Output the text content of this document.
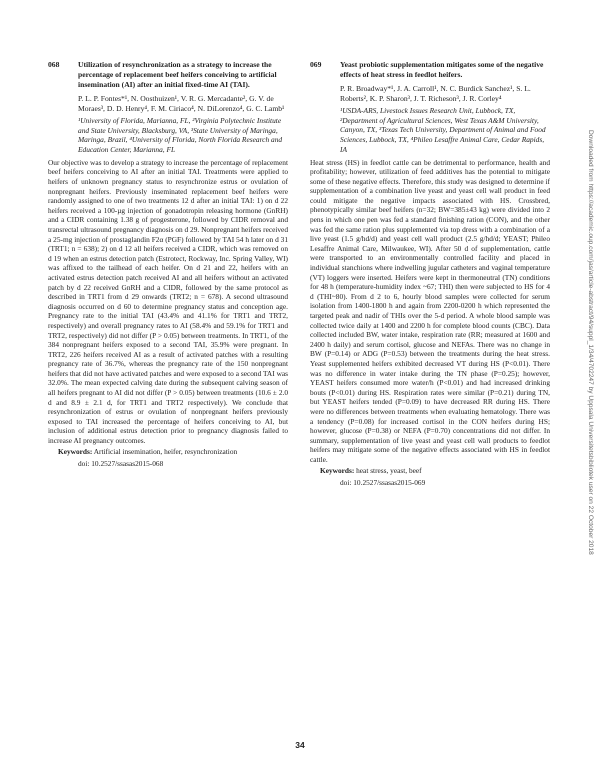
068	Utilization of resynchronization as a strategy to increase the percentage of replacement beef heifers conceiving to artificial insemination (AI) after an initial fixed-time AI (TAI).
P. L. P. Fontes*¹, N. Oosthuizen¹, V. R. G. Mercadante², G. V. de Moraes³, D. D. Henry⁴, F. M. Ciriaco⁴, N. DiLorenzo⁴, G. C. Lamb¹
¹University of Florida, Marianna, FL, ²Virginia Polytechnic Institute and State University, Blacksburg, VA, ³State University of Maringa, Maringa, Brazil, ⁴University of Florida, North Florida Research and Education Center, Marianna, FL

Our objective was to develop a strategy to increase the percentage of replacement beef heifers conceiving to AI after an initial TAI. Treatments were applied to heifers of unknown pregnancy status to resynchronize estrus or ovulation of nonpregnant heifers. Previously inseminated replacement beef heifers were randomly assigned to one of two treatments 12 d after an initial TAI: 1) on d 22 heifers received a 100-µg injection of gonadotropin releasing hormone (GnRH) and a CIDR containing 1.38 g of progesterone, followed by CIDR removal and transrectal ultrasound pregnancy diagnosis on d 29. Nonpregnant heifers received a 25-mg injection of prostaglandin F2α (PGF) followed by TAI 54 h later on d 31 (TRT1; n = 638); 2) on d 12 all heifers received a CIDR, which was removed on d 19 when an estrus detection patch (Estrotect, Rockway, Inc. Spring Valley, WI) was affixed to the tailhead of each heifer. On d 21 and 22, heifers with an activated estrus detection patch received AI and all heifers without an activated patch by d 22 received GnRH and a CIDR, followed by the same protocol as described in TRT1 from d 29 onwards (TRT2; n = 678). A second ultrasound diagnosis occurred on d 60 to determine pregnancy status and conception age. Pregnancy rate to the initial TAI (43.4% and 41.1% for TRT1 and TRT2, respectively) and overall pregnancy rates to AI (58.4% and 59.1% for TRT1 and TRT2, respectively) did not differ (P > 0.05) between treatments. In TRT1, of the 384 nonpregnant heifers exposed to a second TAI, 35.9% were pregnant. In TRT2, 226 heifers received AI as a result of activated patches with a resulting pregnancy rate of 36.7%, whereas the pregnancy rate of the 150 nonpregnant heifers that did not have activated patches and were exposed to a second TAI was 32.0%. The mean expected calving date during the subsequent calving season of all heifers pregnant to AI did not differ (P > 0.05) between treatments (10.6 ± 2.0 d and 8.9 ± 2.1 d, for TRT1 and TRT2 respectively). We conclude that resynchronization of estrus or ovulation of nonpregnant heifers previously exposed to TAI increased the percentage of heifers conceiving to AI, but inclusion of additional estrus detection prior to pregnancy diagnosis failed to increase AI pregnancy outcomes.

Keywords: Artificial insemination, heifer, resynchronization
doi: 10.2527/ssasas2015-068
069	Yeast probiotic supplementation mitigates some of the negative effects of heat stress in feedlot heifers.
P. R. Broadway*¹, J. A. Carroll¹, N. C. Burdick Sanchez¹, S. L. Roberts², K. P. Sharon³, J. T. Richeson³, J. R. Corley⁴
¹USDA-ARS, Livestock Issues Research Unit, Lubbock, TX, ²Department of Agricultural Sciences, West Texas A&M University, Canyon, TX, ³Texas Tech University, Department of Animal and Food Sciences, Lubbock, TX, ⁴Phileo Lesaffre Animal Care, Cedar Rapids, IA

Heat stress (HS) in feedlot cattle can be detrimental to performance, health and profitability; however, utilization of feed additives has the potential to mitigate some of these negative effects. Therefore, this study was designed to determine if supplementation of a combination live yeast and yeast cell wall product in feed could mitigate the negative impacts associated with HS. Crossbred, phenotypically similar beef heifers (n=32; BW=385±43 kg) were divided into 2 pens in which one pen was fed a standard finishing ration (CON), and the other was fed the same ration plus supplemented via top dress with a combination of a live yeast (1.5 g/hd/d) and yeast cell wall product (2.5 g/hd/d; YEAST; Phileo Lesaffre Animal Care, Milwaukee, WI). After 50 d of supplementation, cattle were transported to an environmentally controlled facility and placed in individual stanchions where indwelling jugular catheters and vaginal temperature (VT) loggers were inserted. Heifers were kept in thermoneutral (TN) conditions for 48 h (temperature-humidity index ~67; THI) then were subjected to HS for 4 d (THI~80). From d 2 to 6, hourly blood samples were collected for serum isolation from 1400-1800 h and again from 2200-0200 h which represented the targeted peak and nadir of THIs over the 5-d period. A whole blood sample was collected twice daily at 1400 and 2200 h for complete blood counts (CBC). Data collected included BW, water intake, respiration rate (RR; measured at 1600 and 2400 h daily) and serum cortisol, glucose and NEFAs. There was no change in BW (P=0.14) or ADG (P=0.53) between the treatments during the heat stress. Yeast supplemented heifers exhibited decreased VT during HS (P<0.01). There was no difference in water intake during the TN phase (P=0.25); however, YEAST heifers consumed more water/h (P<0.01) and had increased drinking bouts (P<0.01) during HS. Respiration rates were similar (P=0.21) during TN, but YEAST heifers tended (P=0.09) to have decreased RR during HS. There were no differences between treatments when evaluating hematology. There was a tendency (P=0.08) for increased cortisol in the CON heifers during HS; however, glucose (P=0.38) or NEFA (P=0.70) concentrations did not differ. In summary, supplementation of live yeast and yeast cell wall products to feedlot heifers may mitigate some of the negative effects associated with HS in feedlot cattle.

Keywords: heat stress, yeast, beef
doi: 10.2527/ssasas2015-069	Downloaded from https://academic.oup.com/jas/article-abstract/94/suppl_1/34/4702247 by Uppsala Universitetsbibliotek user on 22 October 2018
34
